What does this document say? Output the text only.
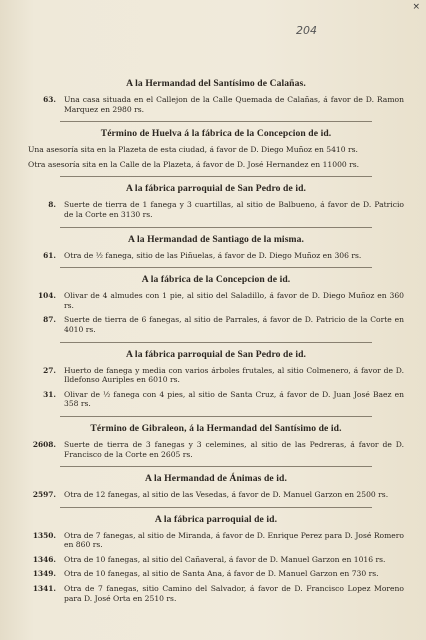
204
×
A la Hermandad del Santísimo de Calañas.
63. Una casa situada en el Callejon de la Calle Quemada de Calañas, á favor de D. Ramon Marquez en 2980 rs.
Término de Huelva á la fábrica de la Concepcion de id.
Una asesoría sita en la Plazeta de esta ciudad, á favor de D. Diego Muñoz en 5410 rs.
Otra asesoría sita en la Calle de la Plazeta, á favor de D. José Hernandez en 11000 rs.
A la fábrica parroquial de San Pedro de id.
8. Suerte de tierra de 1 fanega y 3 cuartillas, al sitio de Balbueno, á favor de D. Patricio de la Corte en 3130 rs.
A la Hermandad de Santiago de la misma.
61. Otra de ½ fanega, sitio de las Piñuelas, á favor de D. Diego Muñoz en 306 rs.
A la fábrica de la Concepcion de id.
104. Olivar de 4 almudes con 1 pie, al sitio del Saladillo, á favor de D. Diego Muñoz en 360 rs.
87. Suerte de tierra de 6 fanegas, al sitio de Parrales, á favor de D. Patricio de la Corte en 4010 rs.
A la fábrica parroquial de San Pedro de id.
27. Huerto de fanega y media con varios árboles frutales, al sitio Colmenero, á favor de D. Ildefonso Auriples en 6010 rs.
31. Olivar de ½ fanega con 4 pies, al sitio de Santa Cruz, á favor de D. Juan José Baez en 358 rs.
Término de Gibraleon, á la Hermandad del Santísimo de id.
2608. Suerte de tierra de 3 fanegas y 3 celemines, al sitio de las Pedreras, á favor de D. Francisco de la Corte en 2605 rs.
A la Hermandad de Ánimas de id.
2597. Otra de 12 fanegas, al sitio de las Vesedas, á favor de D. Manuel Garzon en 2500 rs.
A la fábrica parroquial de id.
1350. Otra de 7 fanegas, al sitio de Miranda, á favor de D. Enrique Perez para D. José Romero en 860 rs.
1346. Otra de 10 fanegas, al sitio del Cañaveral, á favor de D. Manuel Garzon en 1016 rs.
1349. Otra de 10 fanegas, al sitio de Santa Ana, á favor de D. Manuel Garzon en 730 rs.
1341. Otra de 7 fanegas, sitio Camino del Salvador, á favor de D. Francisco Lopez Moreno para D. José Orta en 2510 rs.
